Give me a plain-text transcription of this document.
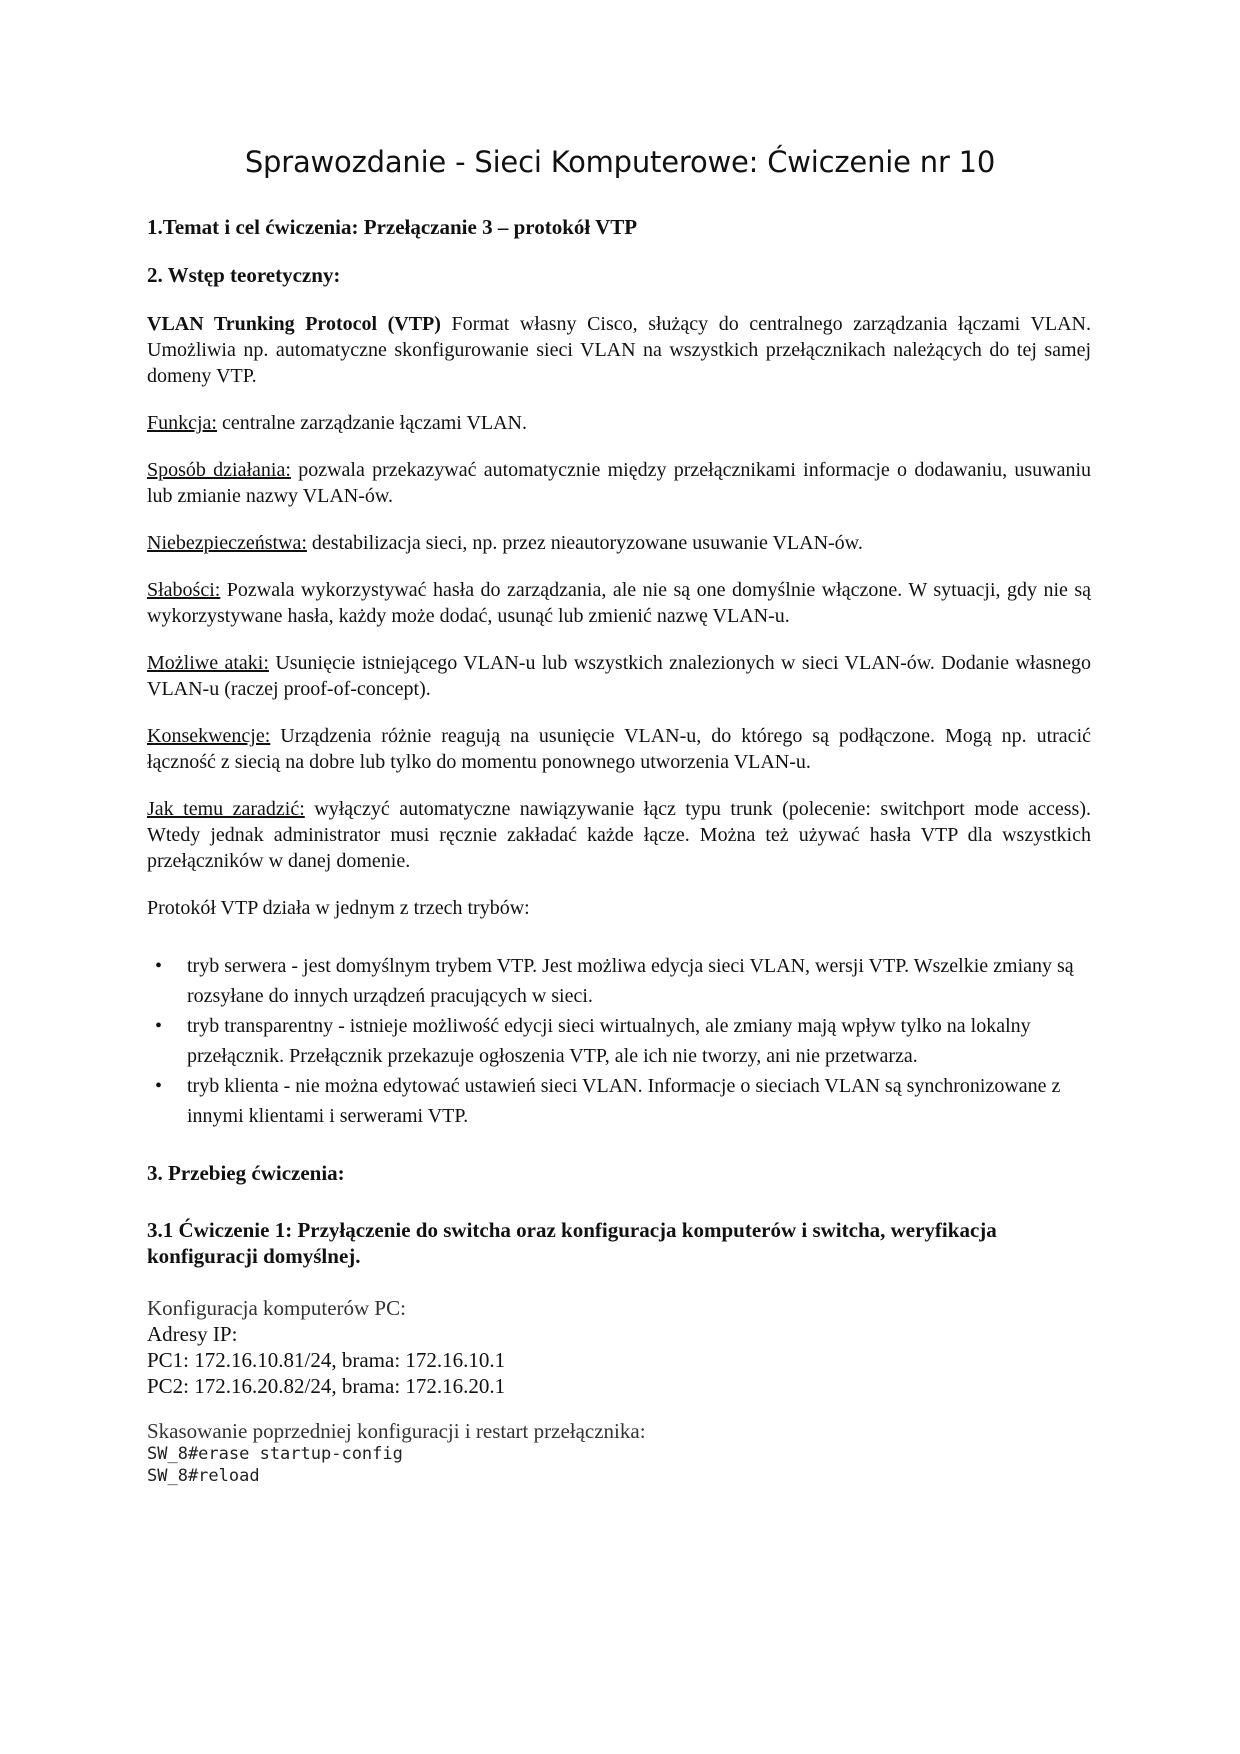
Sprawozdanie - Sieci Komputerowe: Ćwiczenie nr 10
1.Temat i cel ćwiczenia: Przełączanie 3 – protokół VTP
2. Wstęp teoretyczny:

VLAN Trunking Protocol (VTP) Format własny Cisco, służący do centralnego zarządzania łączami VLAN. Umożliwia np. automatyczne skonfigurowanie sieci VLAN na wszystkich przełącznikach należących do tej samej domeny VTP.

Funkcja: centralne zarządzanie łączami VLAN.

Sposób działania: pozwala przekazywać automatycznie między przełącznikami informacje o dodawaniu, usuwaniu lub zmianie nazwy VLAN-ów.

Niebezpieczeństwa: destabilizacja sieci, np. przez nieautoryzowane usuwanie VLAN-ów.

Słabości: Pozwala wykorzystywać hasła do zarządzania, ale nie są one domyślnie włączone. W sytuacji, gdy nie są wykorzystywane hasła, każdy może dodać, usunąć lub zmienić nazwę VLAN-u.

Możliwe ataki: Usunięcie istniejącego VLAN-u lub wszystkich znalezionych w sieci VLAN-ów. Dodanie własnego VLAN-u (raczej proof-of-concept).

Konsekwencje: Urządzenia różnie reagują na usunięcie VLAN-u, do którego są podłączone. Mogą np. utracić łączność z siecią na dobre lub tylko do momentu ponownego utworzenia VLAN-u.

Jak temu zaradzić: wyłączyć automatyczne nawiązywanie łącz typu trunk (polecenie: switchport mode access). Wtedy jednak administrator musi ręcznie zakładać każde łącze. Można też używać hasła VTP dla wszystkich przełączników w danej domenie.

Protokół VTP działa w jednym z trzech trybów:

• tryb serwera - jest domyślnym trybem VTP. Jest możliwa edycja sieci VLAN, wersji VTP. Wszelkie zmiany są rozsyłane do innych urządzeń pracujących w sieci.
• tryb transparentny - istnieje możliwość edycji sieci wirtualnych, ale zmiany mają wpływ tylko na lokalny przełącznik. Przełącznik przekazuje ogłoszenia VTP, ale ich nie tworzy, ani nie przetwarza.
• tryb klienta - nie można edytować ustawień sieci VLAN. Informacje o sieciach VLAN są synchronizowane z innymi klientami i serwerami VTP.
3. Przebieg ćwiczenia:
3.1 Ćwiczenie 1: Przyłączenie do switcha oraz konfiguracja komputerów i switcha, weryfikacja konfiguracji domyślnej.
Konfiguracja komputerów PC:
Adresy IP:
PC1: 172.16.10.81/24, brama: 172.16.10.1
PC2: 172.16.20.82/24, brama: 172.16.20.1
Skasowanie poprzedniej konfiguracji i restart przełącznika:
SW_8#erase startup-config
SW_8#reload
